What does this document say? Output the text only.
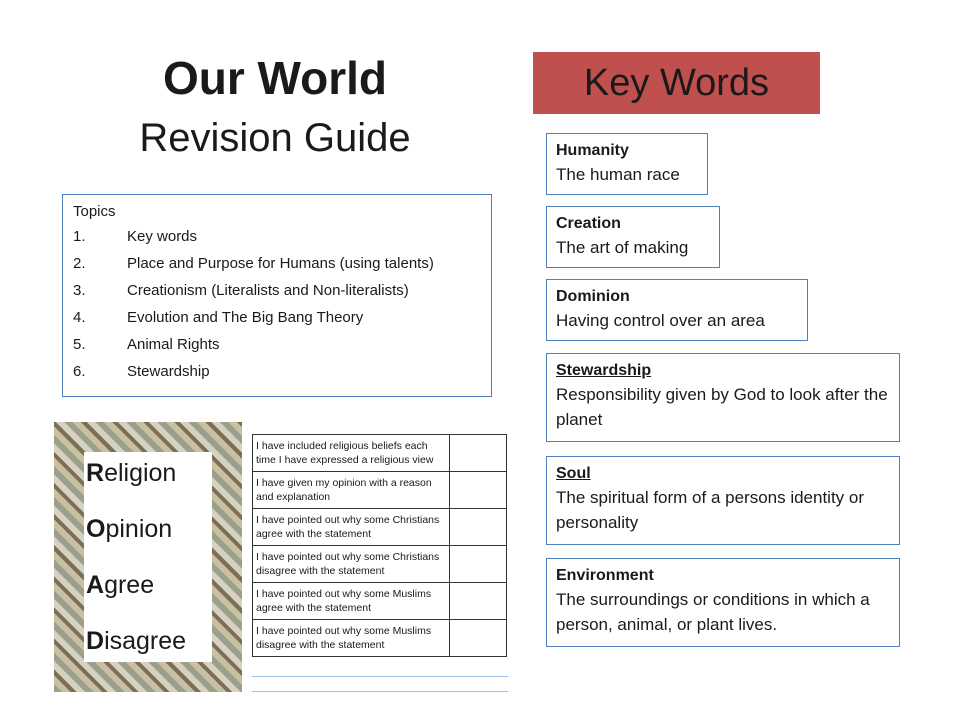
Our World
Revision Guide
Topics
1.	Key words
2.	Place and Purpose for Humans (using talents)
3.	Creationism (Literalists and Non-literalists)
4.	Evolution and The Big Bang Theory
5.	Animal Rights
6.	Stewardship
Key Words
Humanity
The human race
Creation
The art of making
Dominion
Having control over an area
Stewardship
Responsibility given by God to look after the planet
Soul
The spiritual form of a persons identity or personality
Environment
The surroundings or conditions in which a person, animal, or plant lives.
Religion
Opinion
Agree
Disagree
I have included religious beliefs each time I have expressed a religious view	
I have given my opinion with a reason and explanation	
I have pointed out why some Christians agree with the statement	
I have pointed out why some Christians disagree with the statement	
I have pointed out why some Muslims agree with the statement	
I have pointed out why some Muslims disagree with the statement	
